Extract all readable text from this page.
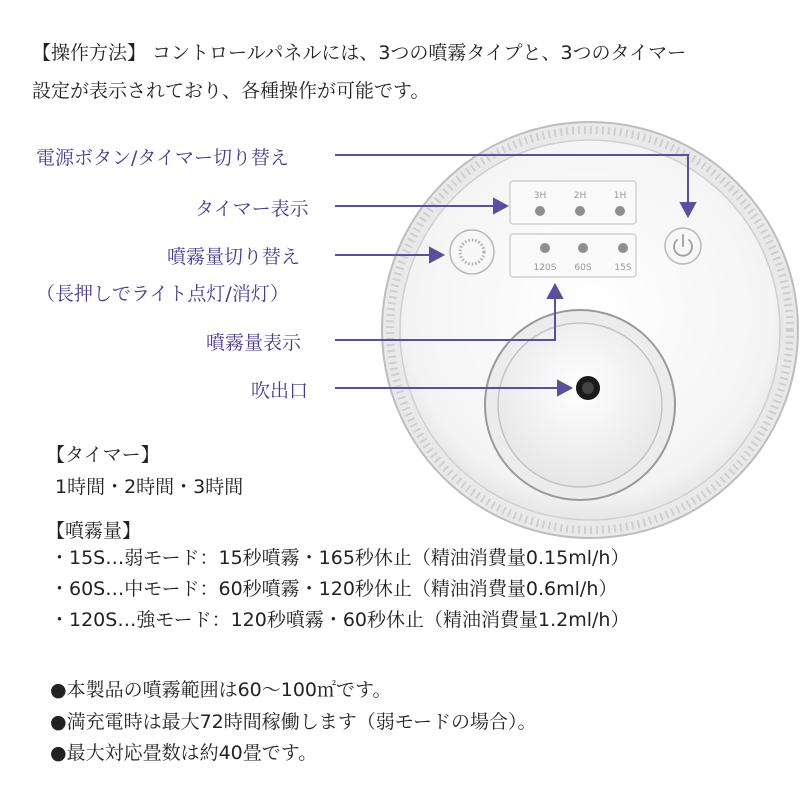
【操作方法】 コントロールパネルには、3つの噴霧タイプと、3つのタイマー
設定が表示されており、各種操作が可能です。
3H	2H	1H
120S 60S	15S
電源ボタン/タイマー切り替え
タイマー表示
噴霧量切り替え
（長押しでライト点灯/消灯）
噴霧量表示
吹出口
【タイマー】
1時間・2時間・3時間
【噴霧量】
・15S…弱モード：15秒噴霧・165秒休止（精油消費量0.15ml/h）
・60S…中モード：60秒噴霧・120秒休止（精油消費量0.6ml/h）
・120S…強モード：120秒噴霧・60秒休止（精油消費量1.2ml/h）
●本製品の噴霧範囲は60～100㎡です。
●満充電時は最大72時間稼働します（弱モードの場合）。
●最大対応畳数は約40畳です。
